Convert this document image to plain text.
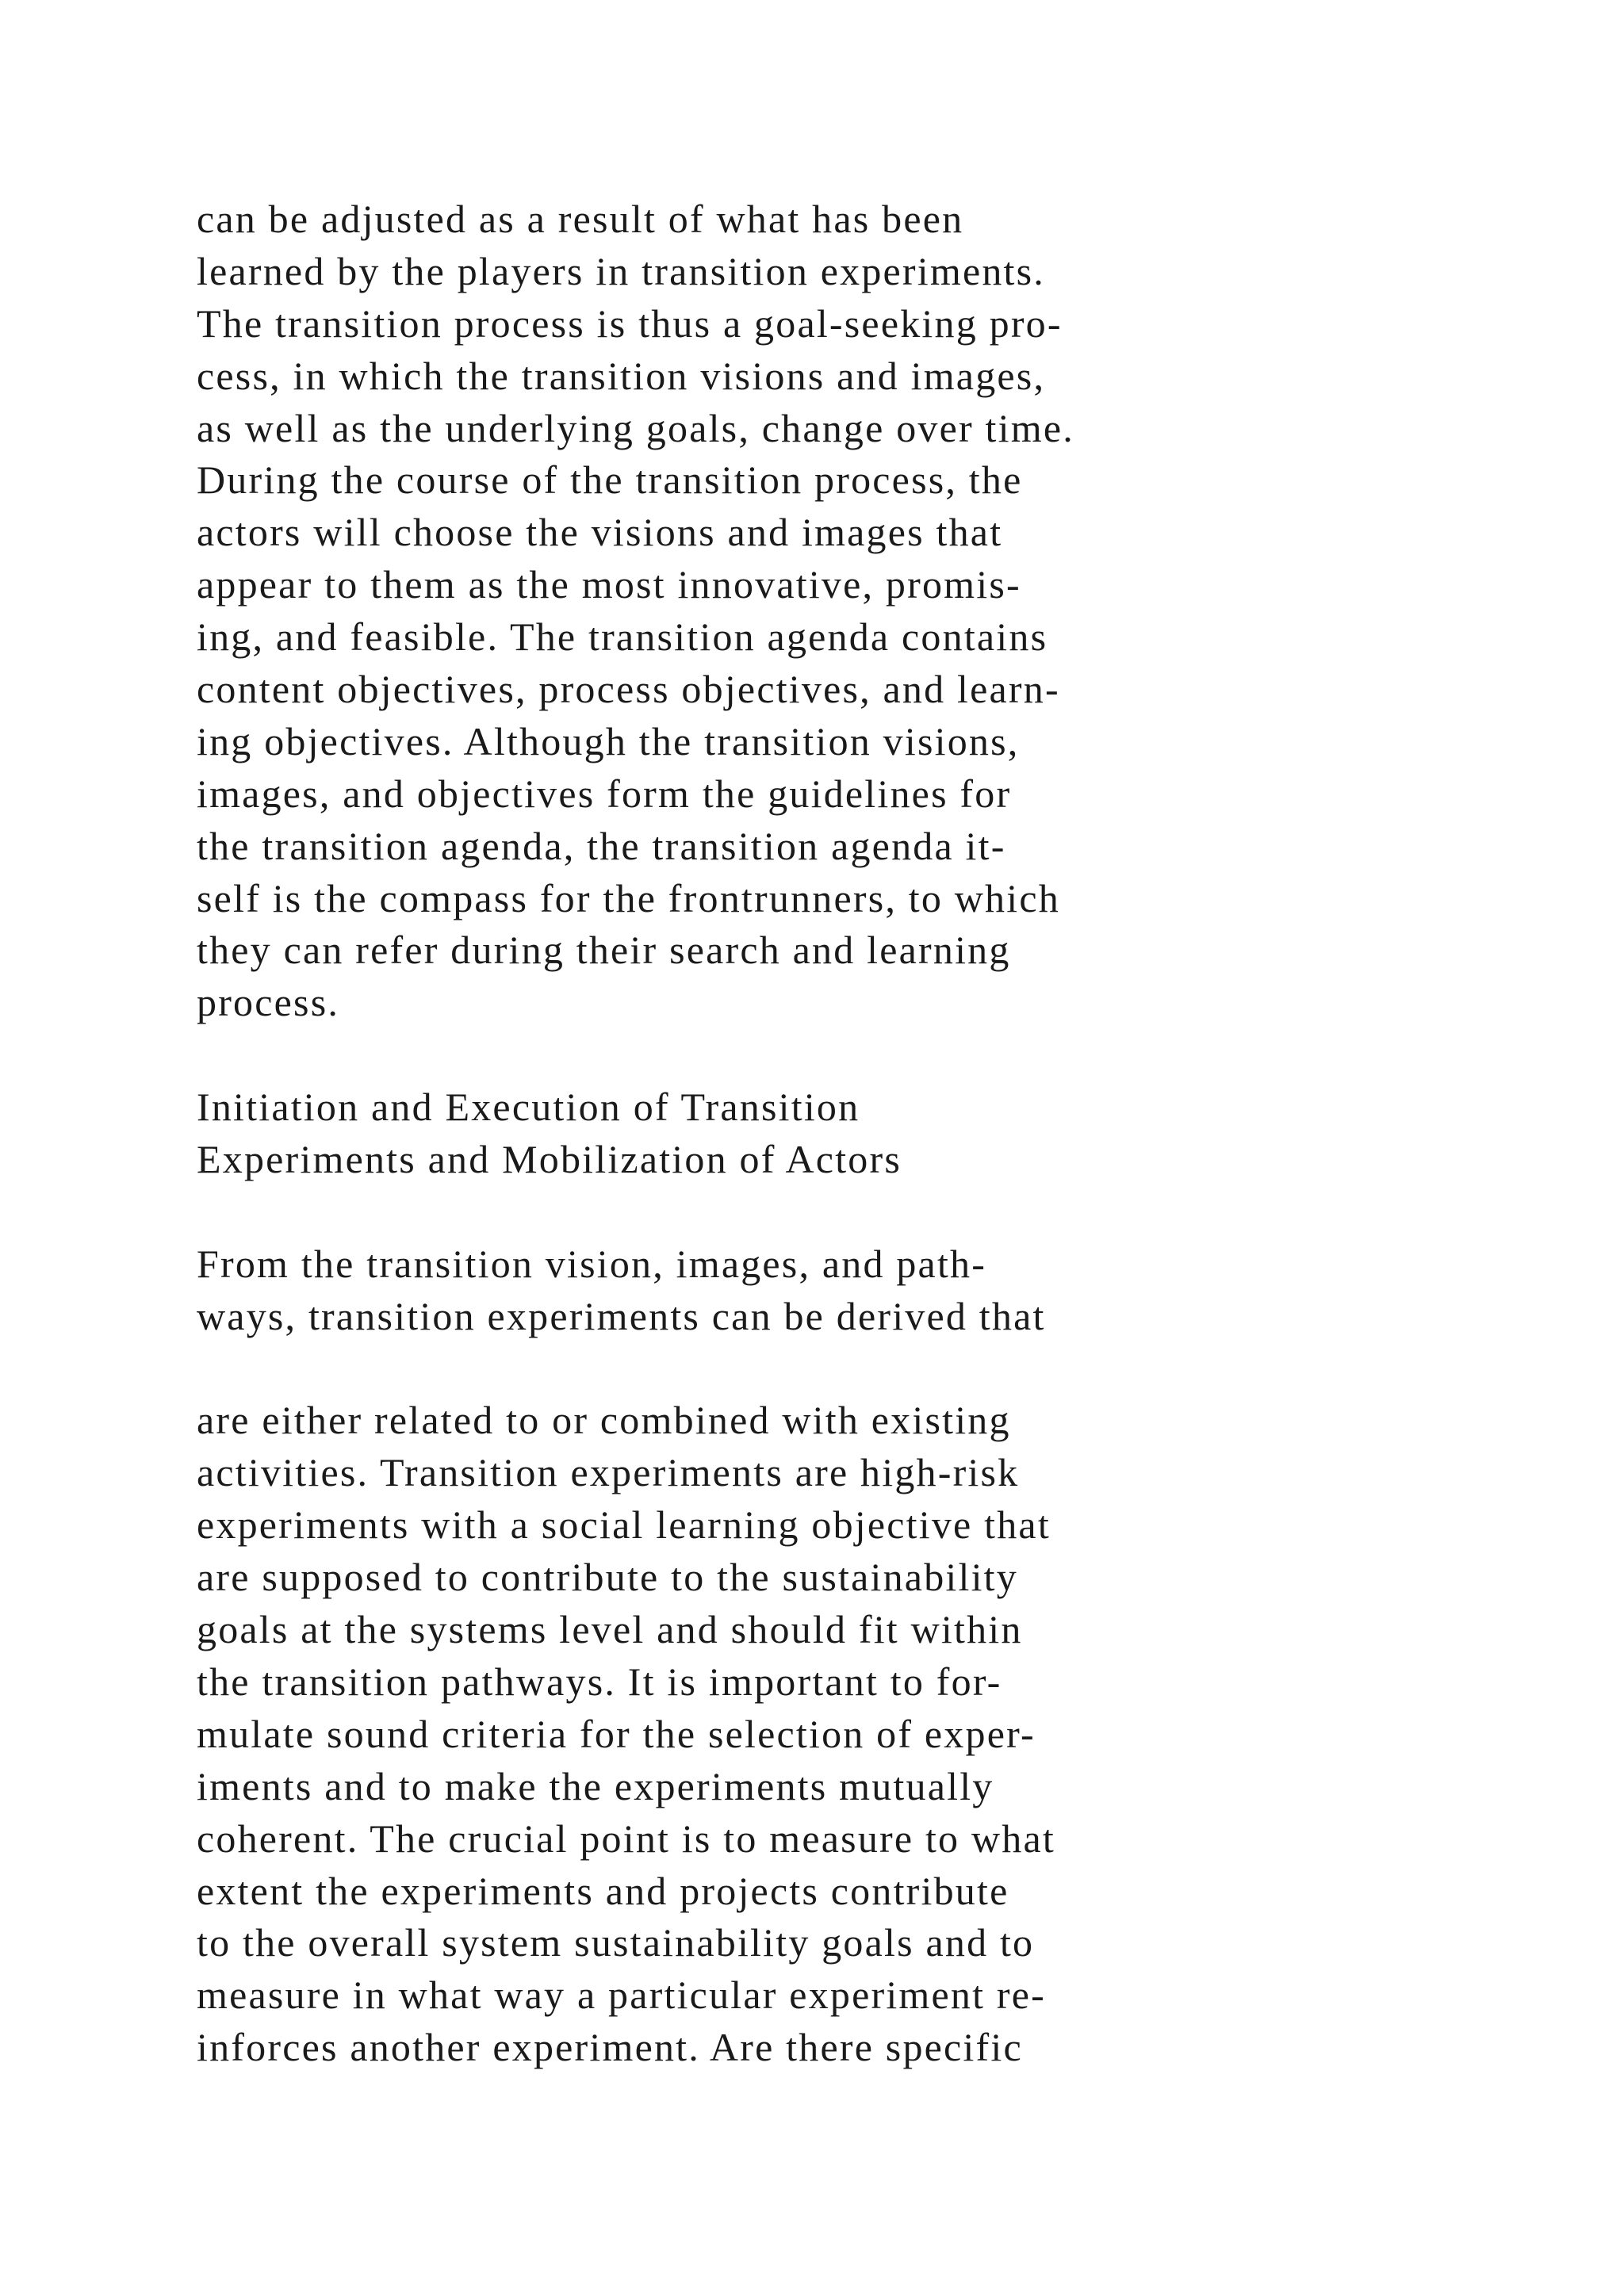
can be adjusted as a result of what has been
learned by the players in transition experiments.
The transition process is thus a goal-seeking pro-
cess, in which the transition visions and images,
as well as the underlying goals, change over time.
During the course of the transition process, the
actors will choose the visions and images that
appear to them as the most innovative, promis-
ing, and feasible. The transition agenda contains
content objectives, process objectives, and learn-
ing objectives. Although the transition visions,
images, and objectives form the guidelines for
the transition agenda, the transition agenda it-
self is the compass for the frontrunners, to which
they can refer during their search and learning
process.
Initiation and Execution of Transition
Experiments and Mobilization of Actors
From the transition vision, images, and path-
ways, transition experiments can be derived that
are either related to or combined with existing
activities. Transition experiments are high-risk
experiments with a social learning objective that
are supposed to contribute to the sustainability
goals at the systems level and should fit within
the transition pathways. It is important to for-
mulate sound criteria for the selection of exper-
iments and to make the experiments mutually
coherent. The crucial point is to measure to what
extent the experiments and projects contribute
to the overall system sustainability goals and to
measure in what way a particular experiment re-
inforces another experiment. Are there specific
